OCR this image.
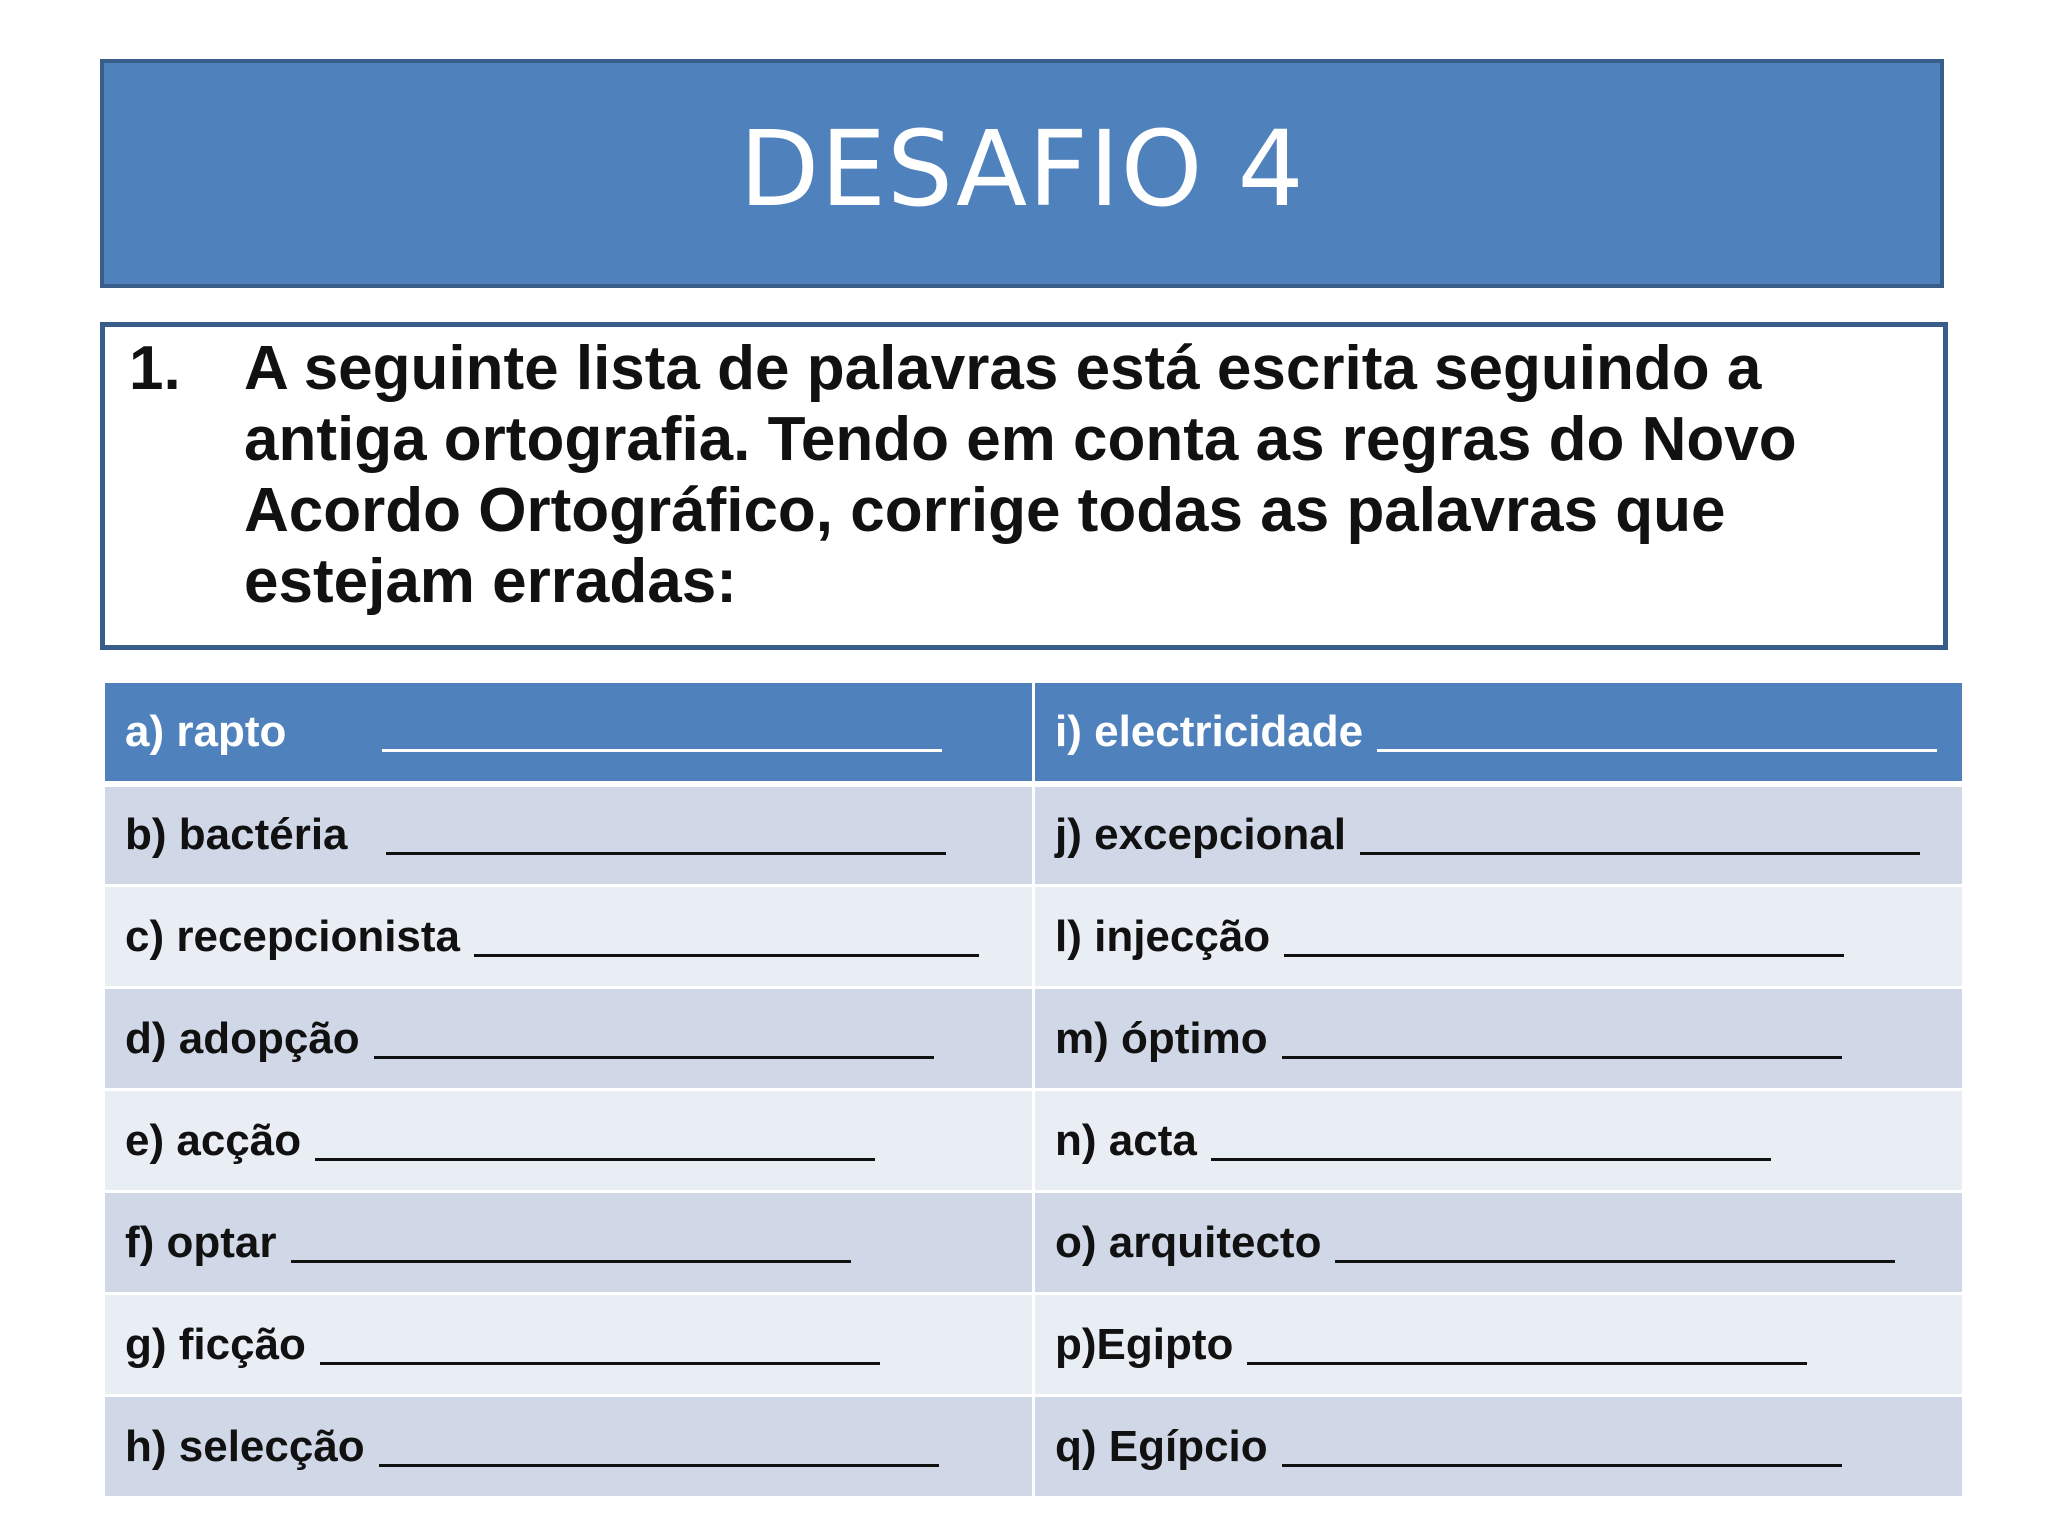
DESAFIO 4
1.	A seguinte lista de palavras está escrita seguindo a antiga ortografia. Tendo em conta as regras do Novo Acordo Ortográfico, corrige todas as palavras que estejam erradas:
a) rapto	i) electricidade
b) bactéria	j) excepcional
c) recepcionista	l) injecção
d) adopção	m) óptimo
e) acção	n) acta
f) optar	o) arquitecto
g) ficção	p)Egipto
h) selecção	q) Egípcio
